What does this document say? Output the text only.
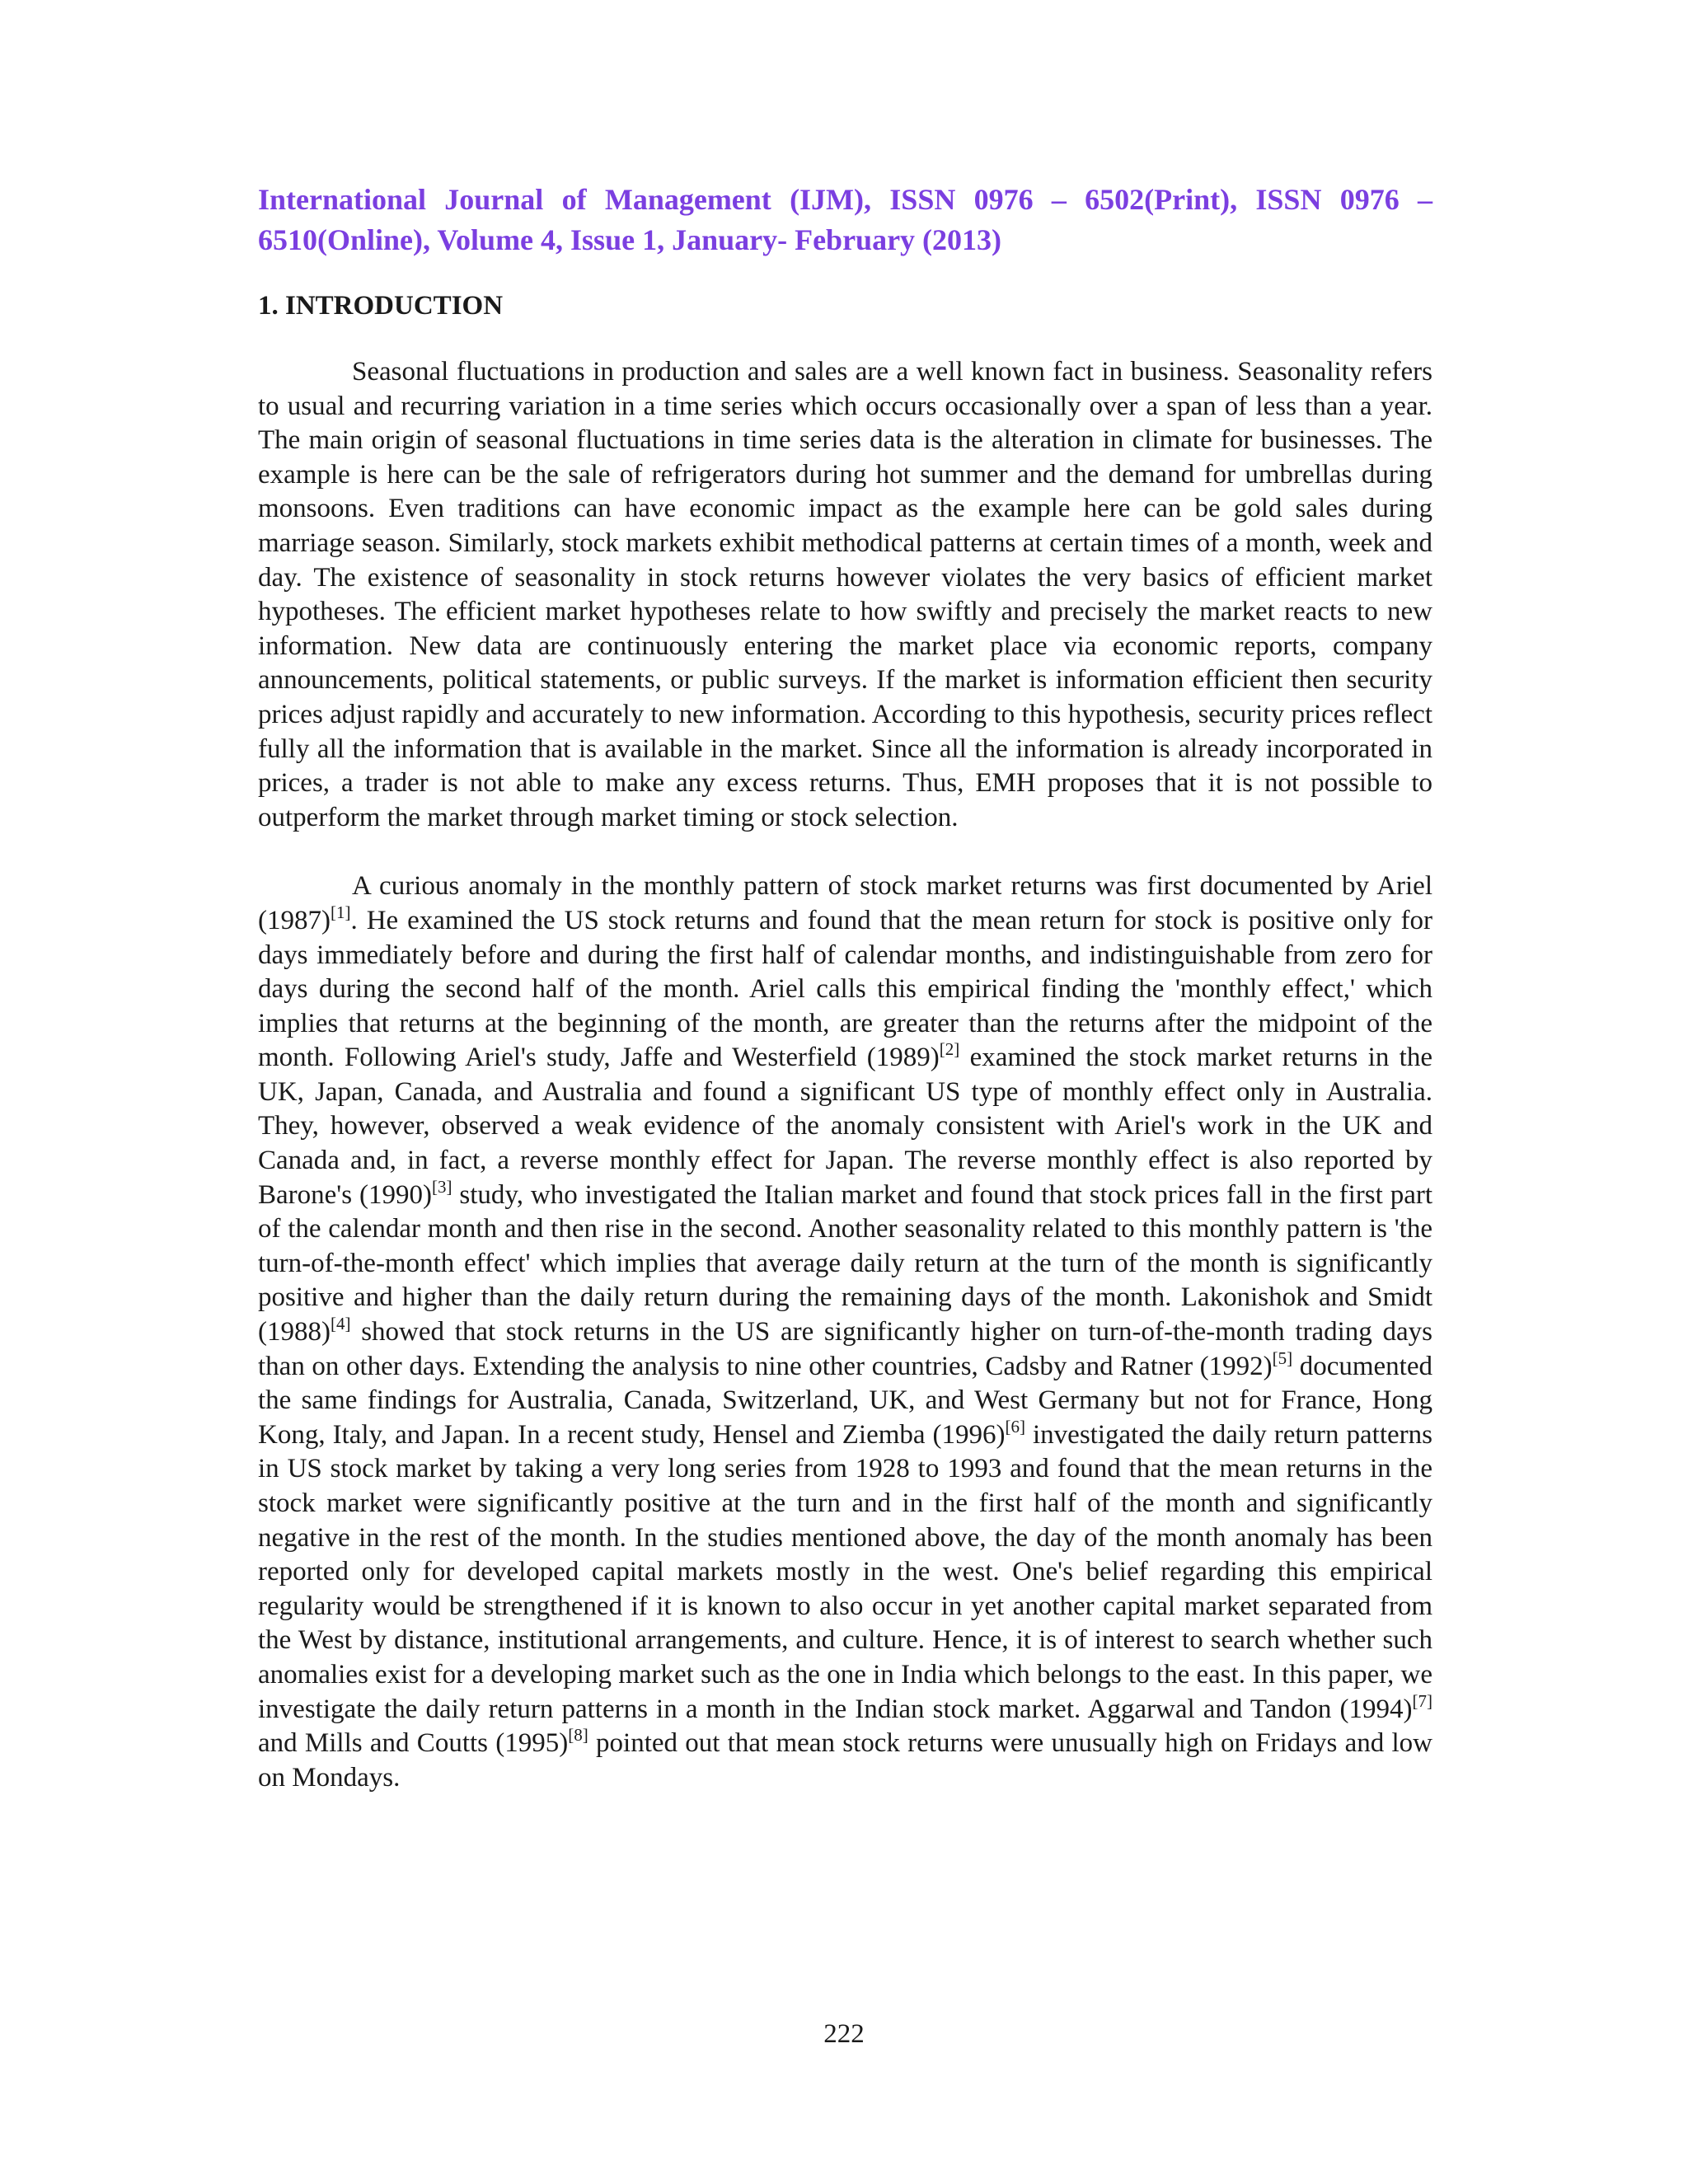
International Journal of Management (IJM), ISSN 0976 – 6502(Print), ISSN 0976 – 6510(Online), Volume 4, Issue 1, January- February (2013)

1. INTRODUCTION

Seasonal fluctuations in production and sales are a well known fact in business. Seasonality refers to usual and recurring variation in a time series which occurs occasionally over a span of less than a year. The main origin of seasonal fluctuations in time series data is the alteration in climate for businesses. The example is here can be the sale of refrigerators during hot summer and the demand for umbrellas during monsoons. Even traditions can have economic impact as the example here can be gold sales during marriage season. Similarly, stock markets exhibit methodical patterns at certain times of a month, week and day. The existence of seasonality in stock returns however violates the very basics of efficient market hypotheses. The efficient market hypotheses relate to how swiftly and precisely the market reacts to new information. New data are continuously entering the market place via economic reports, company announcements, political statements, or public surveys. If the market is information efficient then security prices adjust rapidly and accurately to new information. According to this hypothesis, security prices reflect fully all the information that is available in the market. Since all the information is already incorporated in prices, a trader is not able to make any excess returns. Thus, EMH proposes that it is not possible to outperform the market through market timing or stock selection.

A curious anomaly in the monthly pattern of stock market returns was first documented by Ariel (1987)[1]. He examined the US stock returns and found that the mean return for stock is positive only for days immediately before and during the first half of calendar months, and indistinguishable from zero for days during the second half of the month. Ariel calls this empirical finding the 'monthly effect,' which implies that returns at the beginning of the month, are greater than the returns after the midpoint of the month. Following Ariel's study, Jaffe and Westerfield (1989)[2] examined the stock market returns in the UK, Japan, Canada, and Australia and found a significant US type of monthly effect only in Australia. They, however, observed a weak evidence of the anomaly consistent with Ariel's work in the UK and Canada and, in fact, a reverse monthly effect for Japan. The reverse monthly effect is also reported by Barone's (1990)[3] study, who investigated the Italian market and found that stock prices fall in the first part of the calendar month and then rise in the second. Another seasonality related to this monthly pattern is 'the turn-of-the-month effect' which implies that average daily return at the turn of the month is significantly positive and higher than the daily return during the remaining days of the month. Lakonishok and Smidt (1988)[4] showed that stock returns in the US are significantly higher on turn-of-the-month trading days than on other days. Extending the analysis to nine other countries, Cadsby and Ratner (1992)[5] documented the same findings for Australia, Canada, Switzerland, UK, and West Germany but not for France, Hong Kong, Italy, and Japan. In a recent study, Hensel and Ziemba (1996)[6] investigated the daily return patterns in US stock market by taking a very long series from 1928 to 1993 and found that the mean returns in the stock market were significantly positive at the turn and in the first half of the month and significantly negative in the rest of the month. In the studies mentioned above, the day of the month anomaly has been reported only for developed capital markets mostly in the west. One's belief regarding this empirical regularity would be strengthened if it is known to also occur in yet another capital market separated from the West by distance, institutional arrangements, and culture. Hence, it is of interest to search whether such anomalies exist for a developing market such as the one in India which belongs to the east. In this paper, we investigate the daily return patterns in a month in the Indian stock market. Aggarwal and Tandon (1994)[7] and Mills and Coutts (1995)[8] pointed out that mean stock returns were unusually high on Fridays and low on Mondays.

222
